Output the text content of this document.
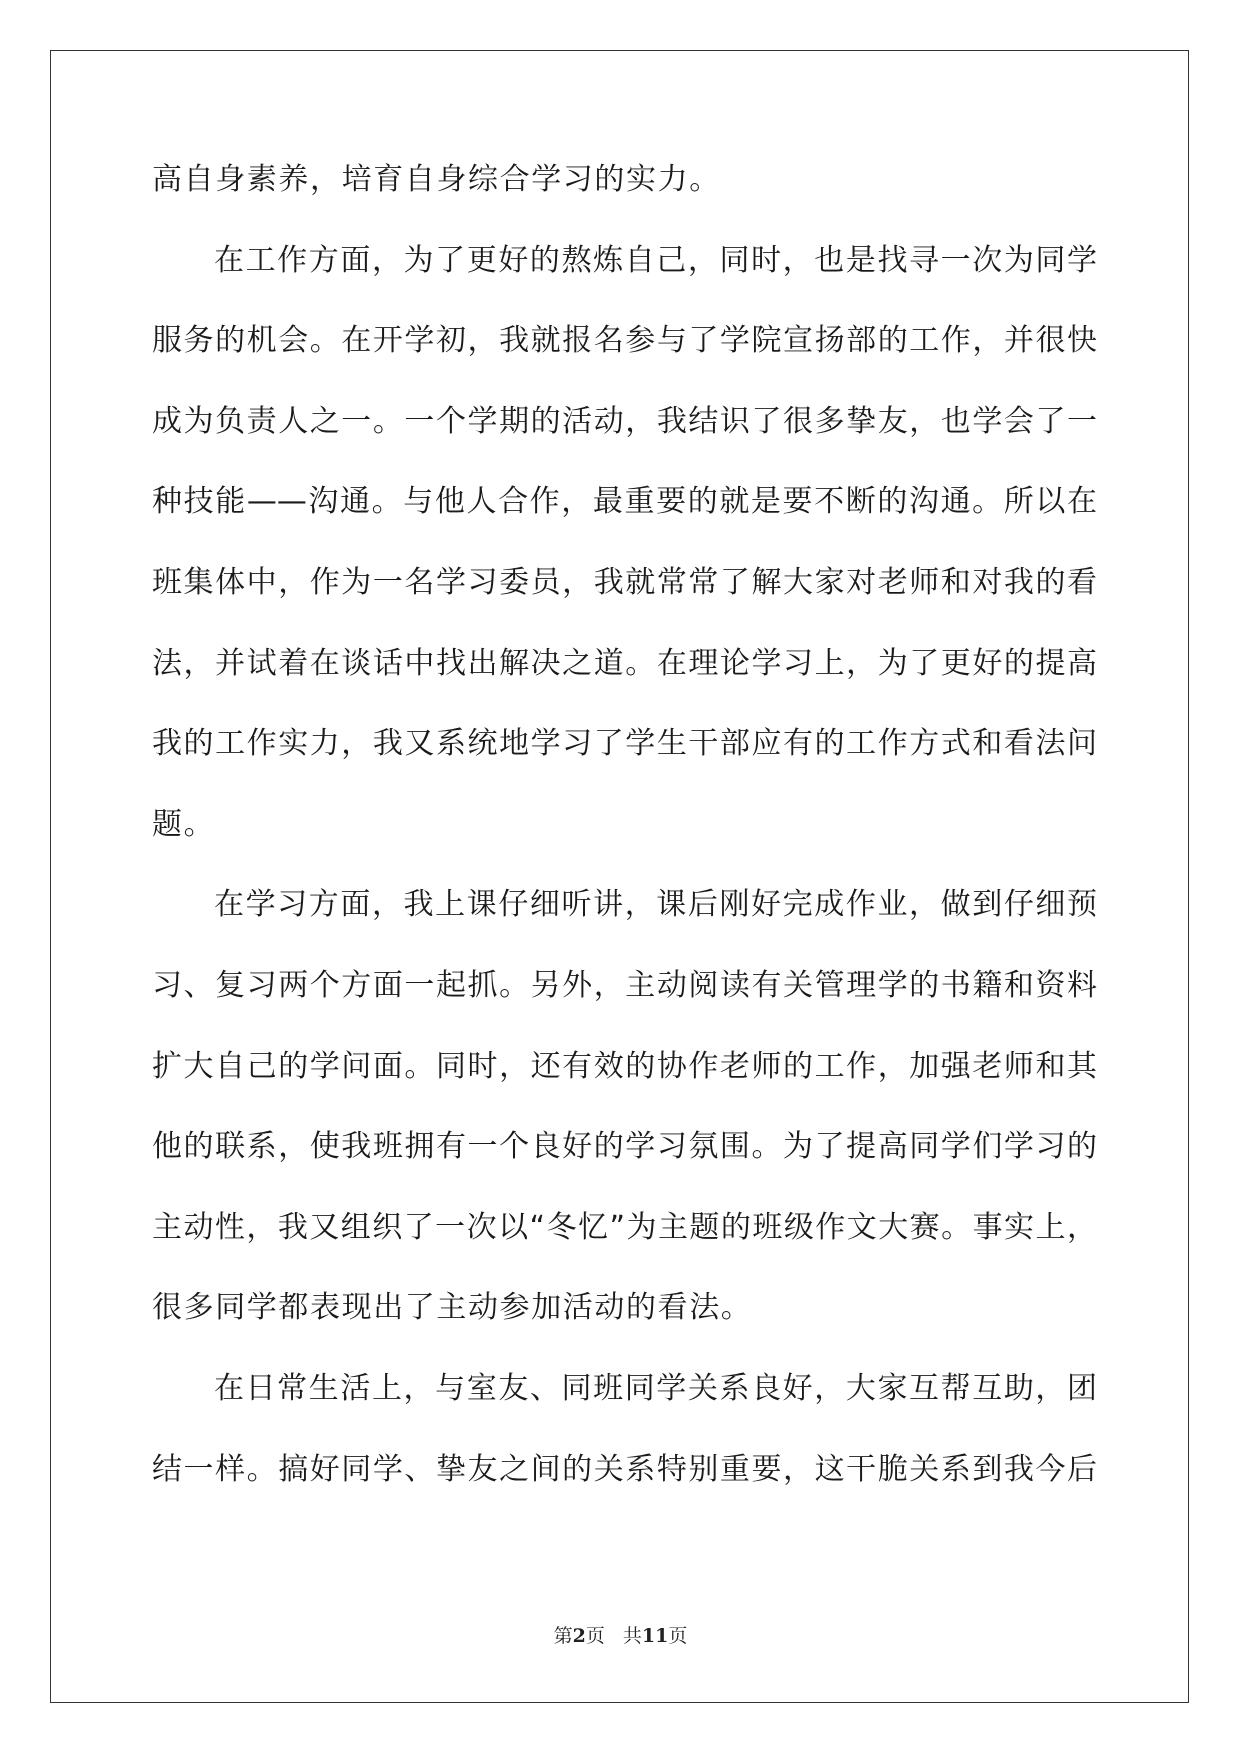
高自身素养，培育自身综合学习的实力。
在工作方面，为了更好的熬炼自己，同时，也是找寻一次为同学
服务的机会。在开学初，我就报名参与了学院宣扬部的工作，并很快
成为负责人之一。一个学期的活动，我结识了很多挚友，也学会了一
种技能——沟通。与他人合作，最重要的就是要不断的沟通。所以在
班集体中，作为一名学习委员，我就常常了解大家对老师和对我的看
法，并试着在谈话中找出解决之道。在理论学习上，为了更好的提高
我的工作实力，我又系统地学习了学生干部应有的工作方式和看法问
题。
在学习方面，我上课仔细听讲，课后刚好完成作业，做到仔细预
习、复习两个方面一起抓。另外，主动阅读有关管理学的书籍和资料
扩大自己的学问面。同时，还有效的协作老师的工作，加强老师和其
他的联系，使我班拥有一个良好的学习氛围。为了提高同学们学习的
主动性，我又组织了一次以“冬忆”为主题的班级作文大赛。事实上，
很多同学都表现出了主动参加活动的看法。
在日常生活上，与室友、同班同学关系良好，大家互帮互助，团
结一样。搞好同学、挚友之间的关系特别重要，这干脆关系到我今后
第2页 共11页
